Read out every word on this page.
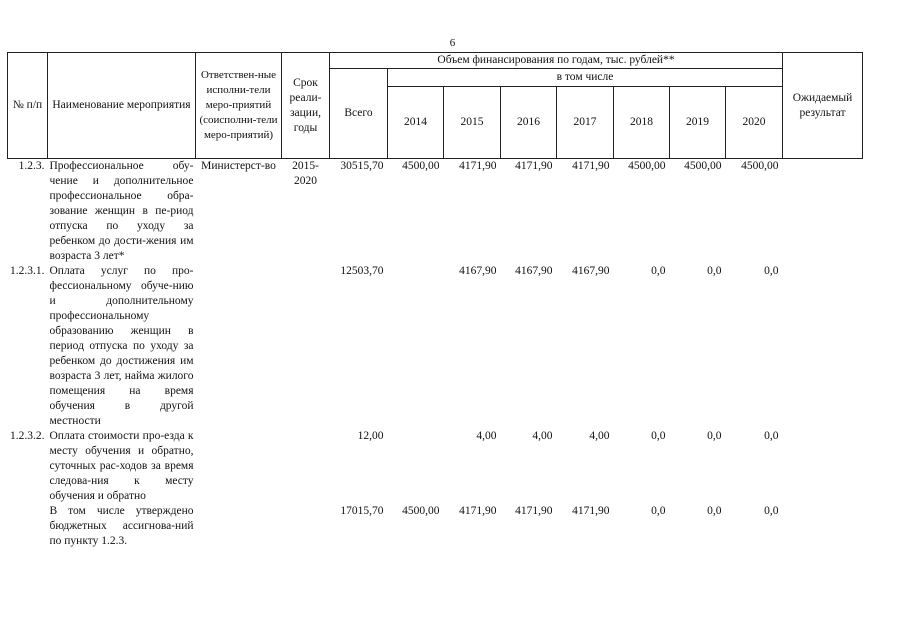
6
№ п/п	Наименование мероприятия	Ответствен-ные исполни-тели меро-приятий (соисполни-тели меро-приятий)	Срок реали-зации, годы	Объем финансирования по годам, тыс. рублей**								Ожидаемый результат
				Всего	в том числе							
					2014	2015	2016	2017	2018	2019	2020	
1.2.3.	Профессиональное обу-чение и дополнительное профессиональное обра-зование женщин в пе-риод отпуска по уходу за ребенком до дости-жения им возраста 3 лет*	Министерст-во	2015-2020	30515,70	4500,00	4171,90	4171,90	4171,90	4500,00	4500,00	4500,00	
1.2.3.1.	Оплата услуг по про-фессиональному обуче-нию и дополнительному профессиональному образованию женщин в период отпуска по уходу за ребенком до достижения им возраста 3 лет, найма жилого помещения на время обучения в другой местности			12503,70		4167,90	4167,90	4167,90	0,0	0,0	0,0	
1.2.3.2.	Оплата стоимости про-езда к месту обучения и обратно, суточных рас-ходов за время следова-ния к месту обучения и обратно			12,00		4,00	4,00	4,00	0,0	0,0	0,0	
	В том числе утверждено бюджетных ассигнова-ний по пункту 1.2.3.			17015,70	4500,00	4171,90	4171,90	4171,90	0,0	0,0	0,0	
